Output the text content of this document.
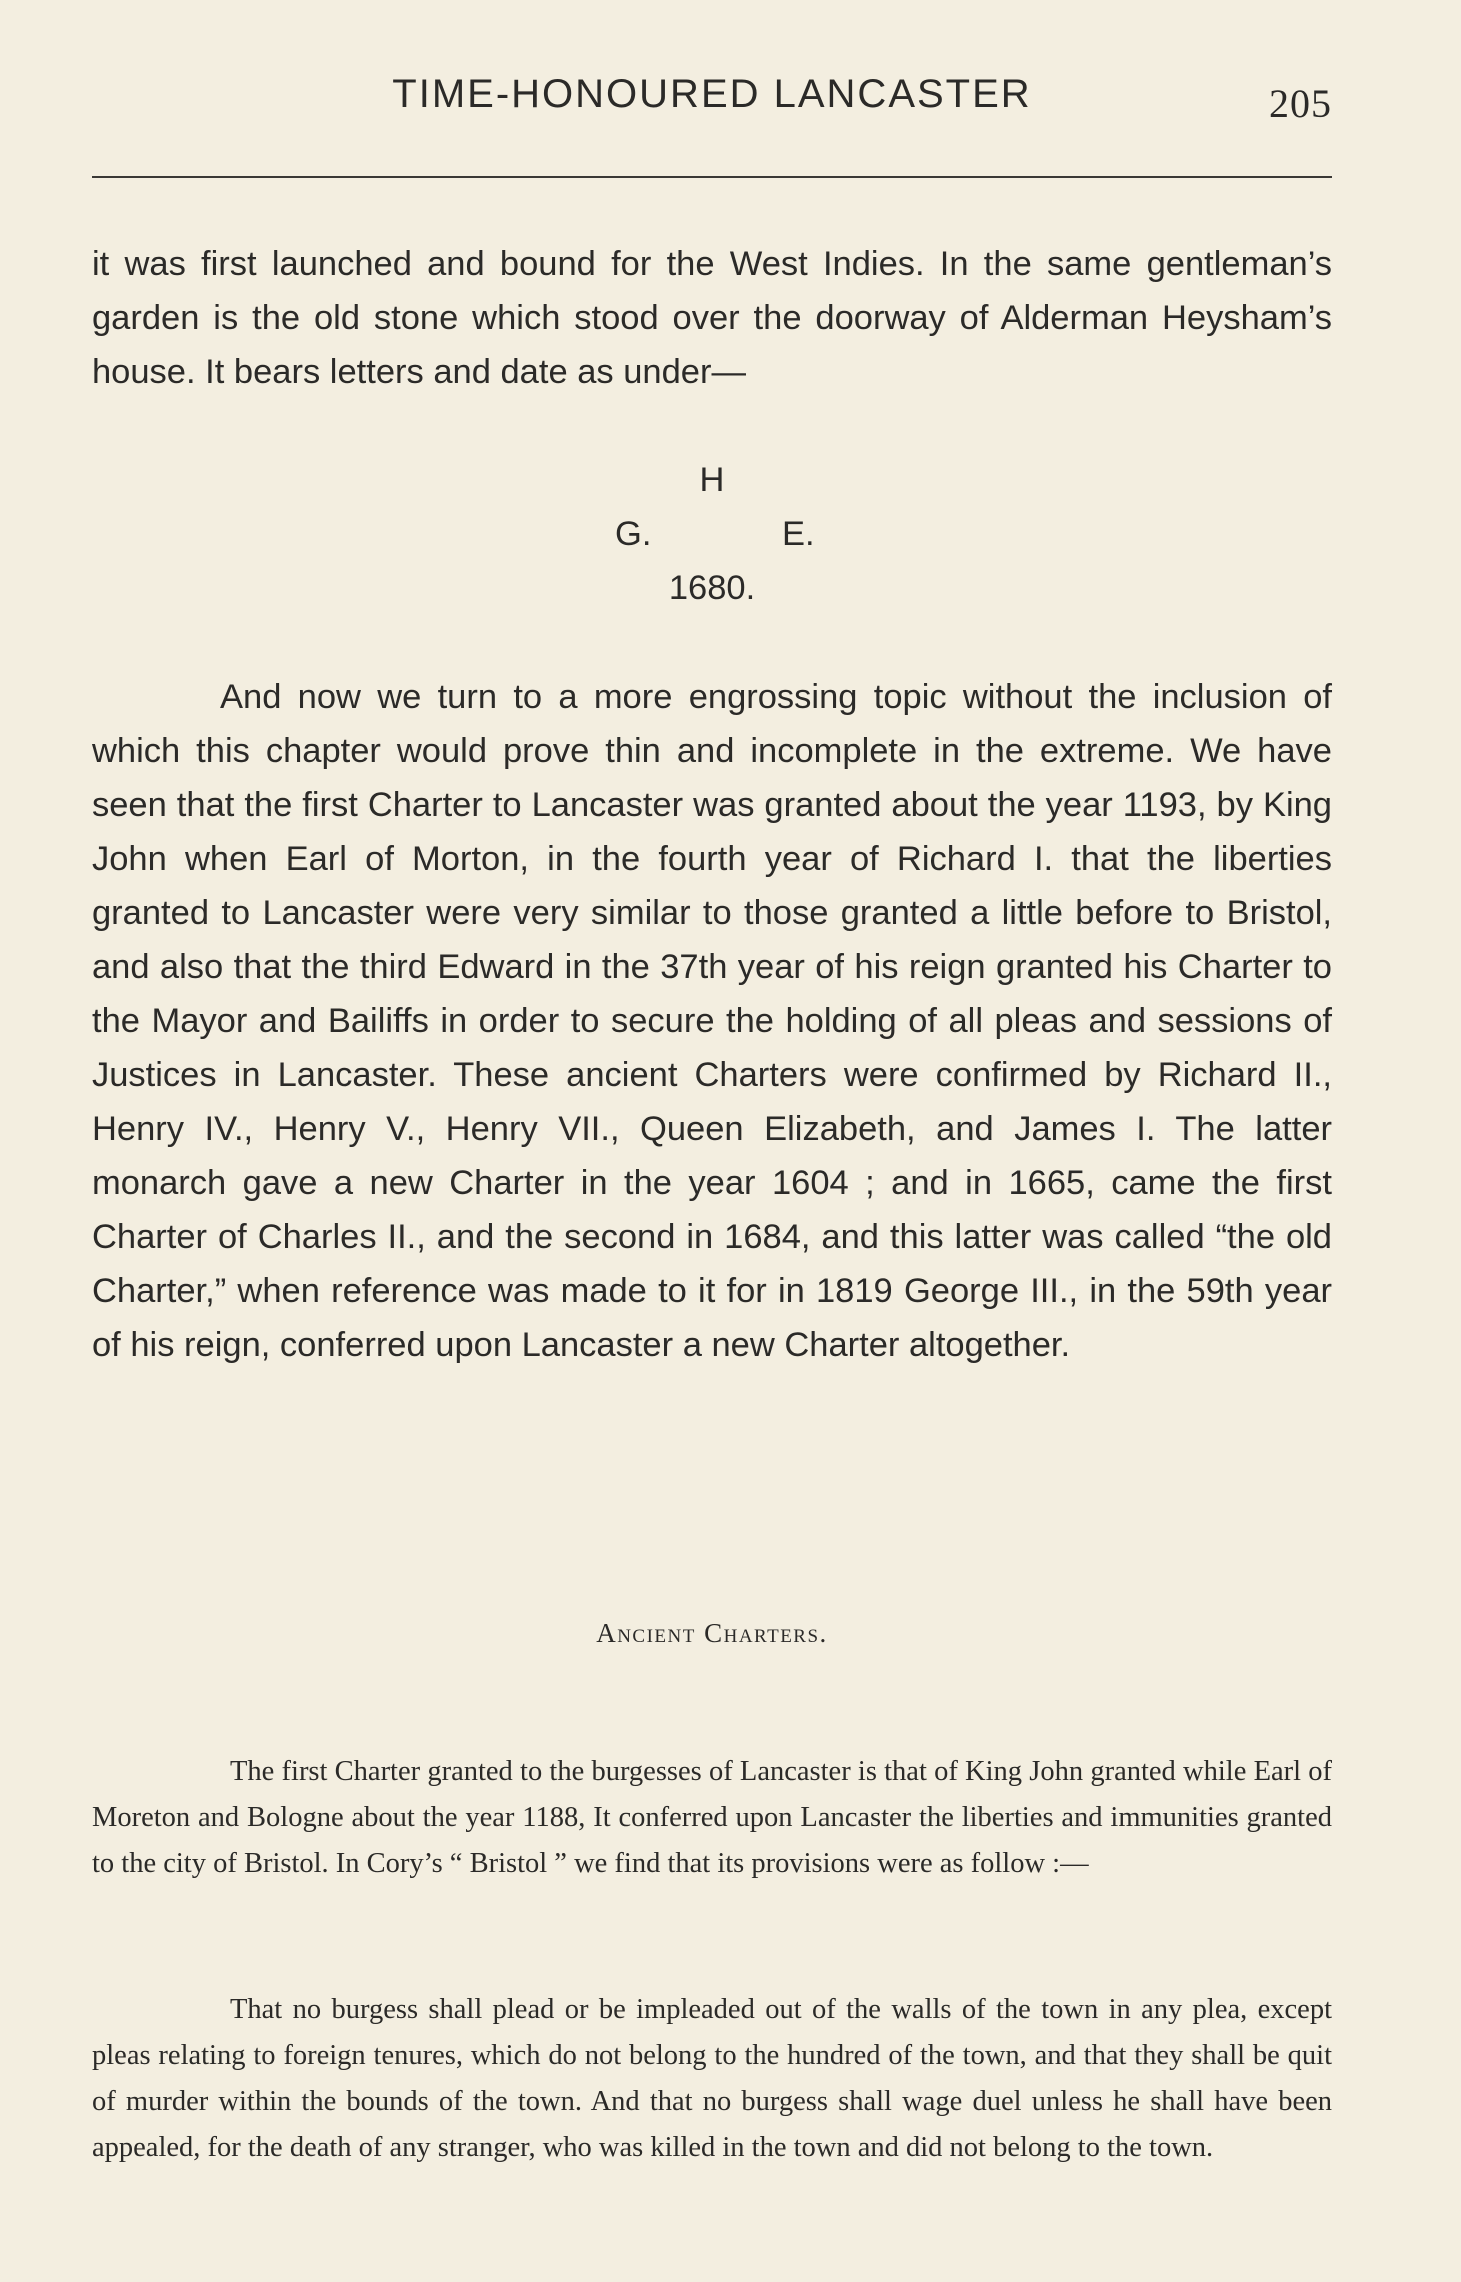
TIME-HONOURED LANCASTER	205

it was first launched and bound for the West Indies. In the same gentleman’s garden is the old stone which stood over the doorway of Alderman Heysham’s house. It bears letters and date as under—

H
G.	E.
1680.

And now we turn to a more engrossing topic without the inclusion of which this chapter would prove thin and incomplete in the extreme. We have seen that the first Charter to Lancaster was granted about the year 1193, by King John when Earl of Morton, in the fourth year of Richard I. that the liberties granted to Lancaster were very similar to those granted a little before to Bristol, and also that the third Edward in the 37th year of his reign granted his Charter to the Mayor and Bailiffs in order to secure the holding of all pleas and sessions of Justices in Lancaster. These ancient Charters were confirmed by Richard II., Henry IV., Henry V., Henry VII., Queen Elizabeth, and James I. The latter monarch gave a new Charter in the year 1604 ; and in 1665, came the first Charter of Charles II., and the second in 1684, and this latter was called “the old Charter,” when reference was made to it for in 1819 George III., in the 59th year of his reign, conferred upon Lancaster a new Charter altogether.

Ancient Charters.

The first Charter granted to the burgesses of Lancaster is that of King John granted while Earl of Moreton and Bologne about the year 1188, It conferred upon Lancaster the liberties and immunities granted to the city of Bristol. In Cory’s “ Bristol ” we find that its provisions were as follow :—

That no burgess shall plead or be impleaded out of the walls of the town in any plea, except pleas relating to foreign tenures, which do not belong to the hundred of the town, and that they shall be quit of murder within the bounds of the town. And that no burgess shall wage duel unless he shall have been appealed, for the death of any stranger, who was killed in the town and did not belong to the town.
